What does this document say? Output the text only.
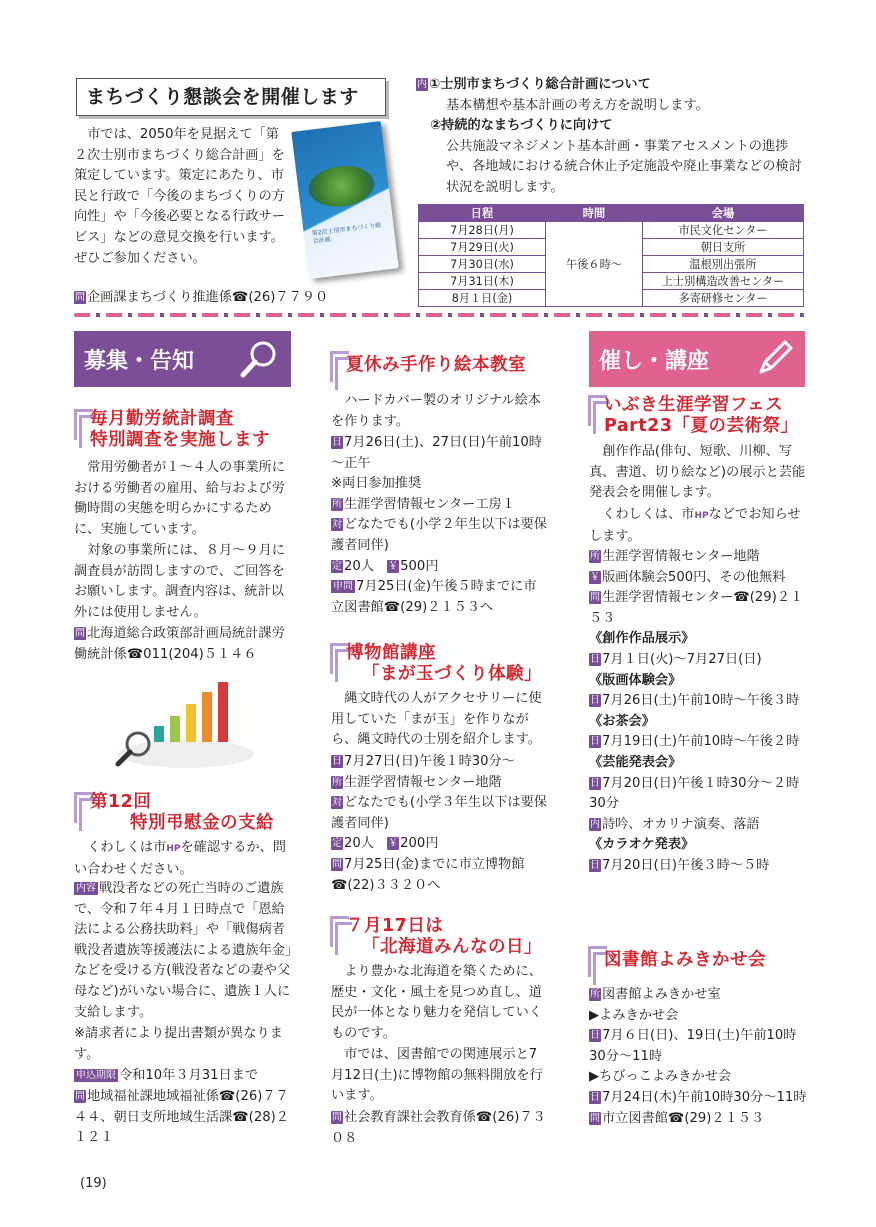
まちづくり懇談会を開催します

市では、2050年を見据えて「第２次士別市まちづくり総合計画」を策定しています。策定にあたり、市民と行政で「今後のまちづくりの方向性」や「今後必要となる行政サービス」などの意見交換を行います。ぜひご参加ください。

第2次士別市まちづくり総合計画
問 企画課まちづくり推進係☎(26)７７９０
内 ①士別市まちづくり総合計画について
基本構想や基本計画の考え方を説明します。
②持続的なまちづくりに向けて
公共施設マネジメント基本計画・事業アセスメントの進捗や、各地域における統合休止予定施設や廃止事業などの検討状況を説明します。
日程	時間	会場
7月28日(月)	午後６時～	市民文化センター
7月29日(火)		朝日支所
7月30日(水)		温根別出張所
7月31日(木)		上士別構造改善センター
8月１日(金)		多寄研修センター
募集・告知	催し・講座
毎月勤労統計調査
特別調査を実施します

常用労働者が１～４人の事業所における労働者の雇用、給与および労働時間の実態を明らかにするために、実施しています。

対象の事業所には、８月～９月に調査員が訪問しますので、ご回答をお願いします。調査内容は、統計以外には使用しません。

問 北海道総合政策部計画局統計課労働統計係☎011(204)５１４６
第12回
特別弔慰金の支給

くわしくは市HPを確認するか、問い合わせください。

内容 戦没者などの死亡当時のご遺族で、令和７年４月１日時点で「恩給法による公務扶助料」や「戦傷病者戦没者遺族等援護法による遺族年金」などを受ける方(戦没者などの妻や父母など)がいない場合に、遺族１人に支給します。

※請求者により提出書類が異なります。

申込期限 令和10年３月31日まで
問 地域福祉課地域福祉係☎(26)７７４４、朝日支所地域生活課☎(28)２１２１
夏休み手作り絵本教室

ハードカバー製のオリジナル絵本を作ります。

日 7月26日(土)、27日(日)午前10時～正午
※両日参加推奨
所 生涯学習情報センター工房１
対 どなたでも(小学２年生以下は要保護者同伴)
定 20人　 ￥ 500円
申問 7月25日(金)午後５時までに市立図書館☎(29)２１５３へ
博物館講座
「まが玉づくり体験」

縄文時代の人がアクセサリーに使用していた「まが玉」を作りながら、縄文時代の士別を紹介します。

日 7月27日(日)午後１時30分～
所 生涯学習情報センター地階
対 どなたでも(小学３年生以下は要保護者同伴)
定 20人　 ￥ 200円
問 7月25日(金)までに市立博物館☎(22)３３２０へ
７月17日は
「北海道みんなの日」

より豊かな北海道を築くために、歴史・文化・風土を見つめ直し、道民が一体となり魅力を発信していくものです。

市では、図書館での関連展示と7月12日(土)に博物館の無料開放を行います。

問 社会教育課社会教育係☎(26)７３０８
いぶき生涯学習フェス
Part23「夏の芸術祭」

創作作品(俳句、短歌、川柳、写真、書道、切り絵など)の展示と芸能発表会を開催します。

くわしくは、市HPなどでお知らせします。

所 生涯学習情報センター地階
￥ 版画体験会500円、その他無料
問 生涯学習情報センター☎(29)２１５３
《創作作品展示》
日 7月１日(火)～7月27日(日)
《版画体験会》
日 7月26日(土)午前10時～午後３時
《お茶会》
日 7月19日(土)午前10時～午後２時
《芸能発表会》
日 7月20日(日)午後１時30分～２時30分
内 詩吟、オカリナ演奏、落語
《カラオケ発表》
日 7月20日(日)午後３時～５時
図書館よみきかせ会
所 図書館よみきかせ室
▶よみきかせ会
日 7月６日(日)、19日(土)午前10時30分～11時
▶ちびっこよみきかせ会
日 7月24日(木)午前10時30分～11時
問 市立図書館☎(29)２１５３
(19)
